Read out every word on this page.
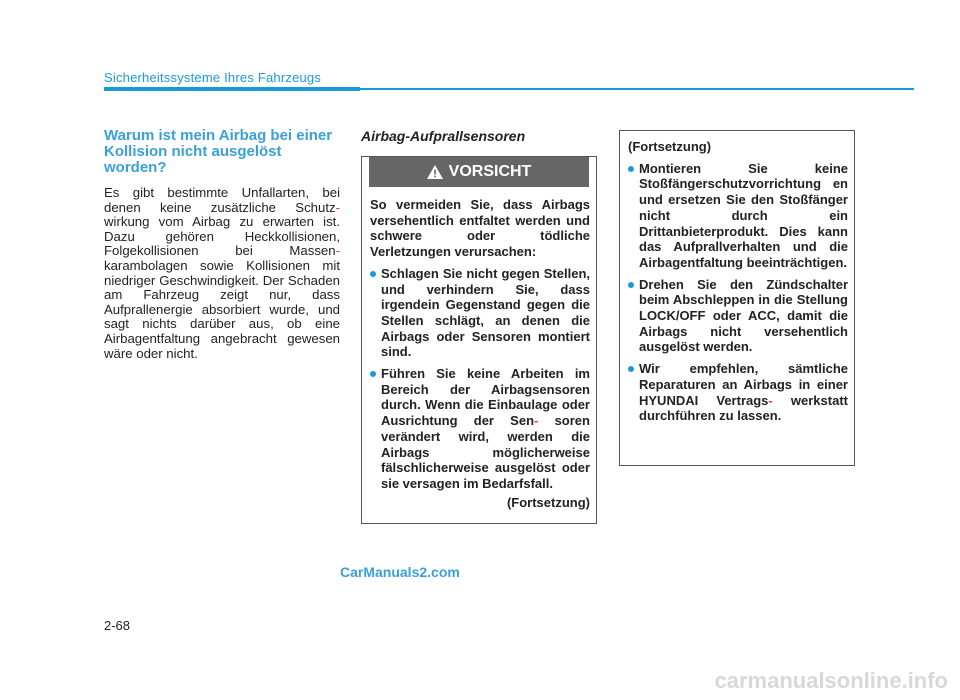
Sicherheitssysteme Ihres Fahrzeugs
Warum ist mein Airbag bei einer Kollision nicht ausgelöst worden?

Es gibt bestimmte Unfallarten, bei denen keine zusätzliche Schutz- wirkung vom Airbag zu erwarten ist. Dazu gehören Heckkollisionen, Folgekollisionen bei Massen- karambolagen sowie Kollisionen mit niedriger Geschwindigkeit. Der Schaden am Fahrzeug zeigt nur, dass Aufprallenergie absorbiert wurde, und sagt nichts darüber aus, ob eine Airbagentfaltung angebracht gewesen wäre oder nicht.

Airbag-Aufprallsensoren
VORSICHT

So vermeiden Sie, dass Airbags versehentlich entfaltet werden und schwere oder tödliche Verletzungen verursachen:

Schlagen Sie nicht gegen Stellen, und verhindern Sie, dass irgendein Gegenstand gegen die Stellen schlägt, an denen die Airbags oder Sensoren montiert sind.
Führen Sie keine Arbeiten im Bereich der Airbagsensoren durch. Wenn die Einbaulage oder Ausrichtung der Sen- soren verändert wird, werden die Airbags möglicherweise fälschlicherweise ausgelöst oder sie versagen im Bedarfsfall.
(Fortsetzung)
(Fortsetzung)
Montieren Sie keine Stoßfängerschutzvorrichtung en und ersetzen Sie den Stoßfänger nicht durch ein Drittanbieterprodukt. Dies kann das Aufprallverhalten und die Airbagentfaltung beeinträchtigen.
Drehen Sie den Zündschalter beim Abschleppen in die Stellung LOCK/OFF oder ACC, damit die Airbags nicht versehentlich ausgelöst werden.
Wir empfehlen, sämtliche Reparaturen an Airbags in einer HYUNDAI Vertrags- werkstatt durchführen zu lassen.
CarManuals2.com
2-68
carmanualsonline.info
